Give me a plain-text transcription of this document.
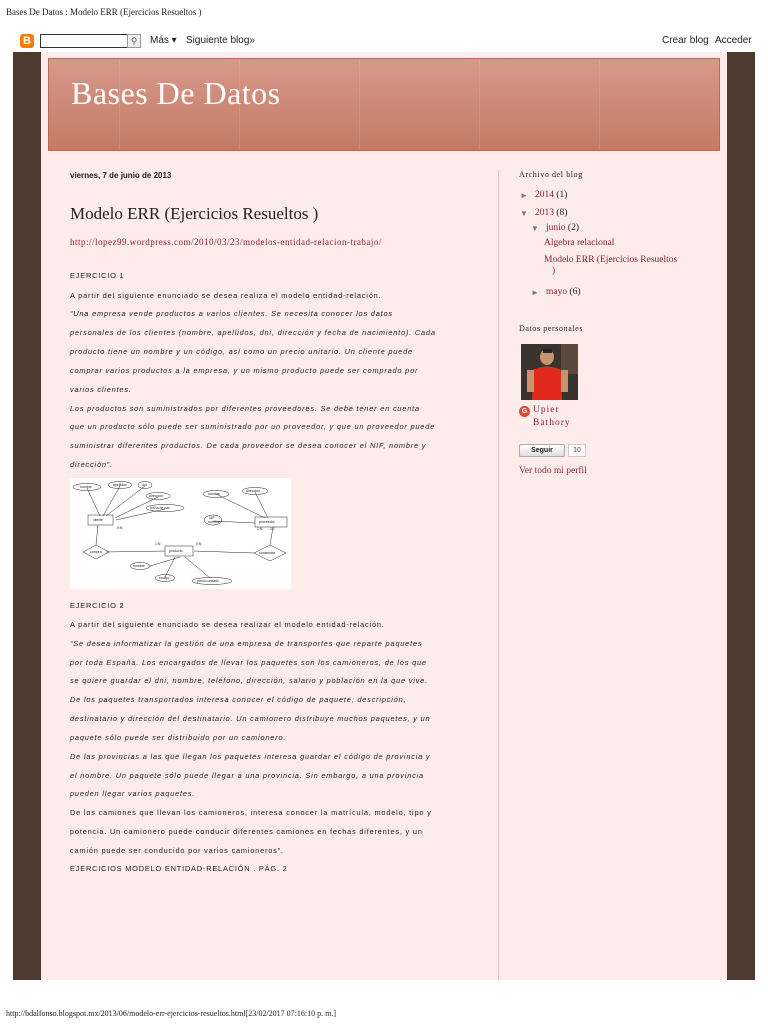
Bases De Datos : Modelo ERR (Ejercicios Resueltos )
B	⚲	Más ▾ Siguiente blog»	Crear blog Acceder
Bases De Datos
viernes, 7 de junio de 2013
Modelo ERR (Ejercicios Resueltos )
http://lopez99.wordpress.com/2010/03/23/modelos-entidad-relacion-trabajo/
EJERCICIO 1
A partir del siguiente enunciado se desea realiza el modelo entidad-relación.
“Una empresa vende productos a varios clientes. Se necesita conocer los datos
personales de los clientes (nombre, apellidos, dni, dirección y fecha de nacimiento). Cada
producto tiene un nombre y un código, así como un precio unitario. Un cliente puede
comprar varios productos a la empresa, y un mismo producto puede ser comprado por
varios clientes.
Los productos son suministrados por diferentes proveedores. Se debe tener en cuenta
que un producto sólo puede ser suministrado por un proveedor, y que un proveedor puede
suministrar diferentes productos. De cada proveedor se desea conocer el NIF, nombre y
dirección”.
nombre	apellidos	dni
dirección
fecha de nac
nombre
dirección
NIF
nombre
cliente	proveedor
producto
compra	suministra
nombre
código
precio unitario
0:N
1:N	0:N
1:N 1:1
EJERCICIO 2
A partir del siguiente enunciado se desea realizar el modelo entidad-relación.
“Se desea informatizar la gestión de una empresa de transportes que reparte paquetes
por toda España. Los encargados de llevar los paquetes son los camioneros, de los que
se quiere guardar el dni, nombre, teléfono, dirección, salario y población en la que vive.
De los paquetes transportados interesa conocer el código de paquete, descripción,
destinatario y dirección del destinatario. Un camionero distribuye muchos paquetes, y un
paquete sólo puede ser distribuido por un camionero.
De las provincias a las que llegan los paquetes interesa guardar el código de provincia y
el nombre. Un paquete sólo puede llegar a una provincia. Sin embargo, a una provincia
pueden llegar varios paquetes.
De los camiones que llevan los camioneros, interesa conocer la matrícula, modelo, tipo y
potencia. Un camionero puede conducir diferentes camiones en fechas diferentes, y un
camión puede ser conducido por varios camioneros”.
EJERCICIOS MODELO ENTIDAD-RELACIÓN . PÁG. 2
Archivo del blog
► 2014 (1)
▼ 2013 (8)
▼ junio (2)
Algebra relacional
Modelo ERR (Ejercicios Resueltos
)
► mayo (6)
Datos personales
G Upier
Bathory
Seguir	10
Ver todo mi perfil
http://bdalfonso.blogspot.mx/2013/06/modelo-err-ejercicios-resueltos.html[23/02/2017 07:16:10 p. m.]
